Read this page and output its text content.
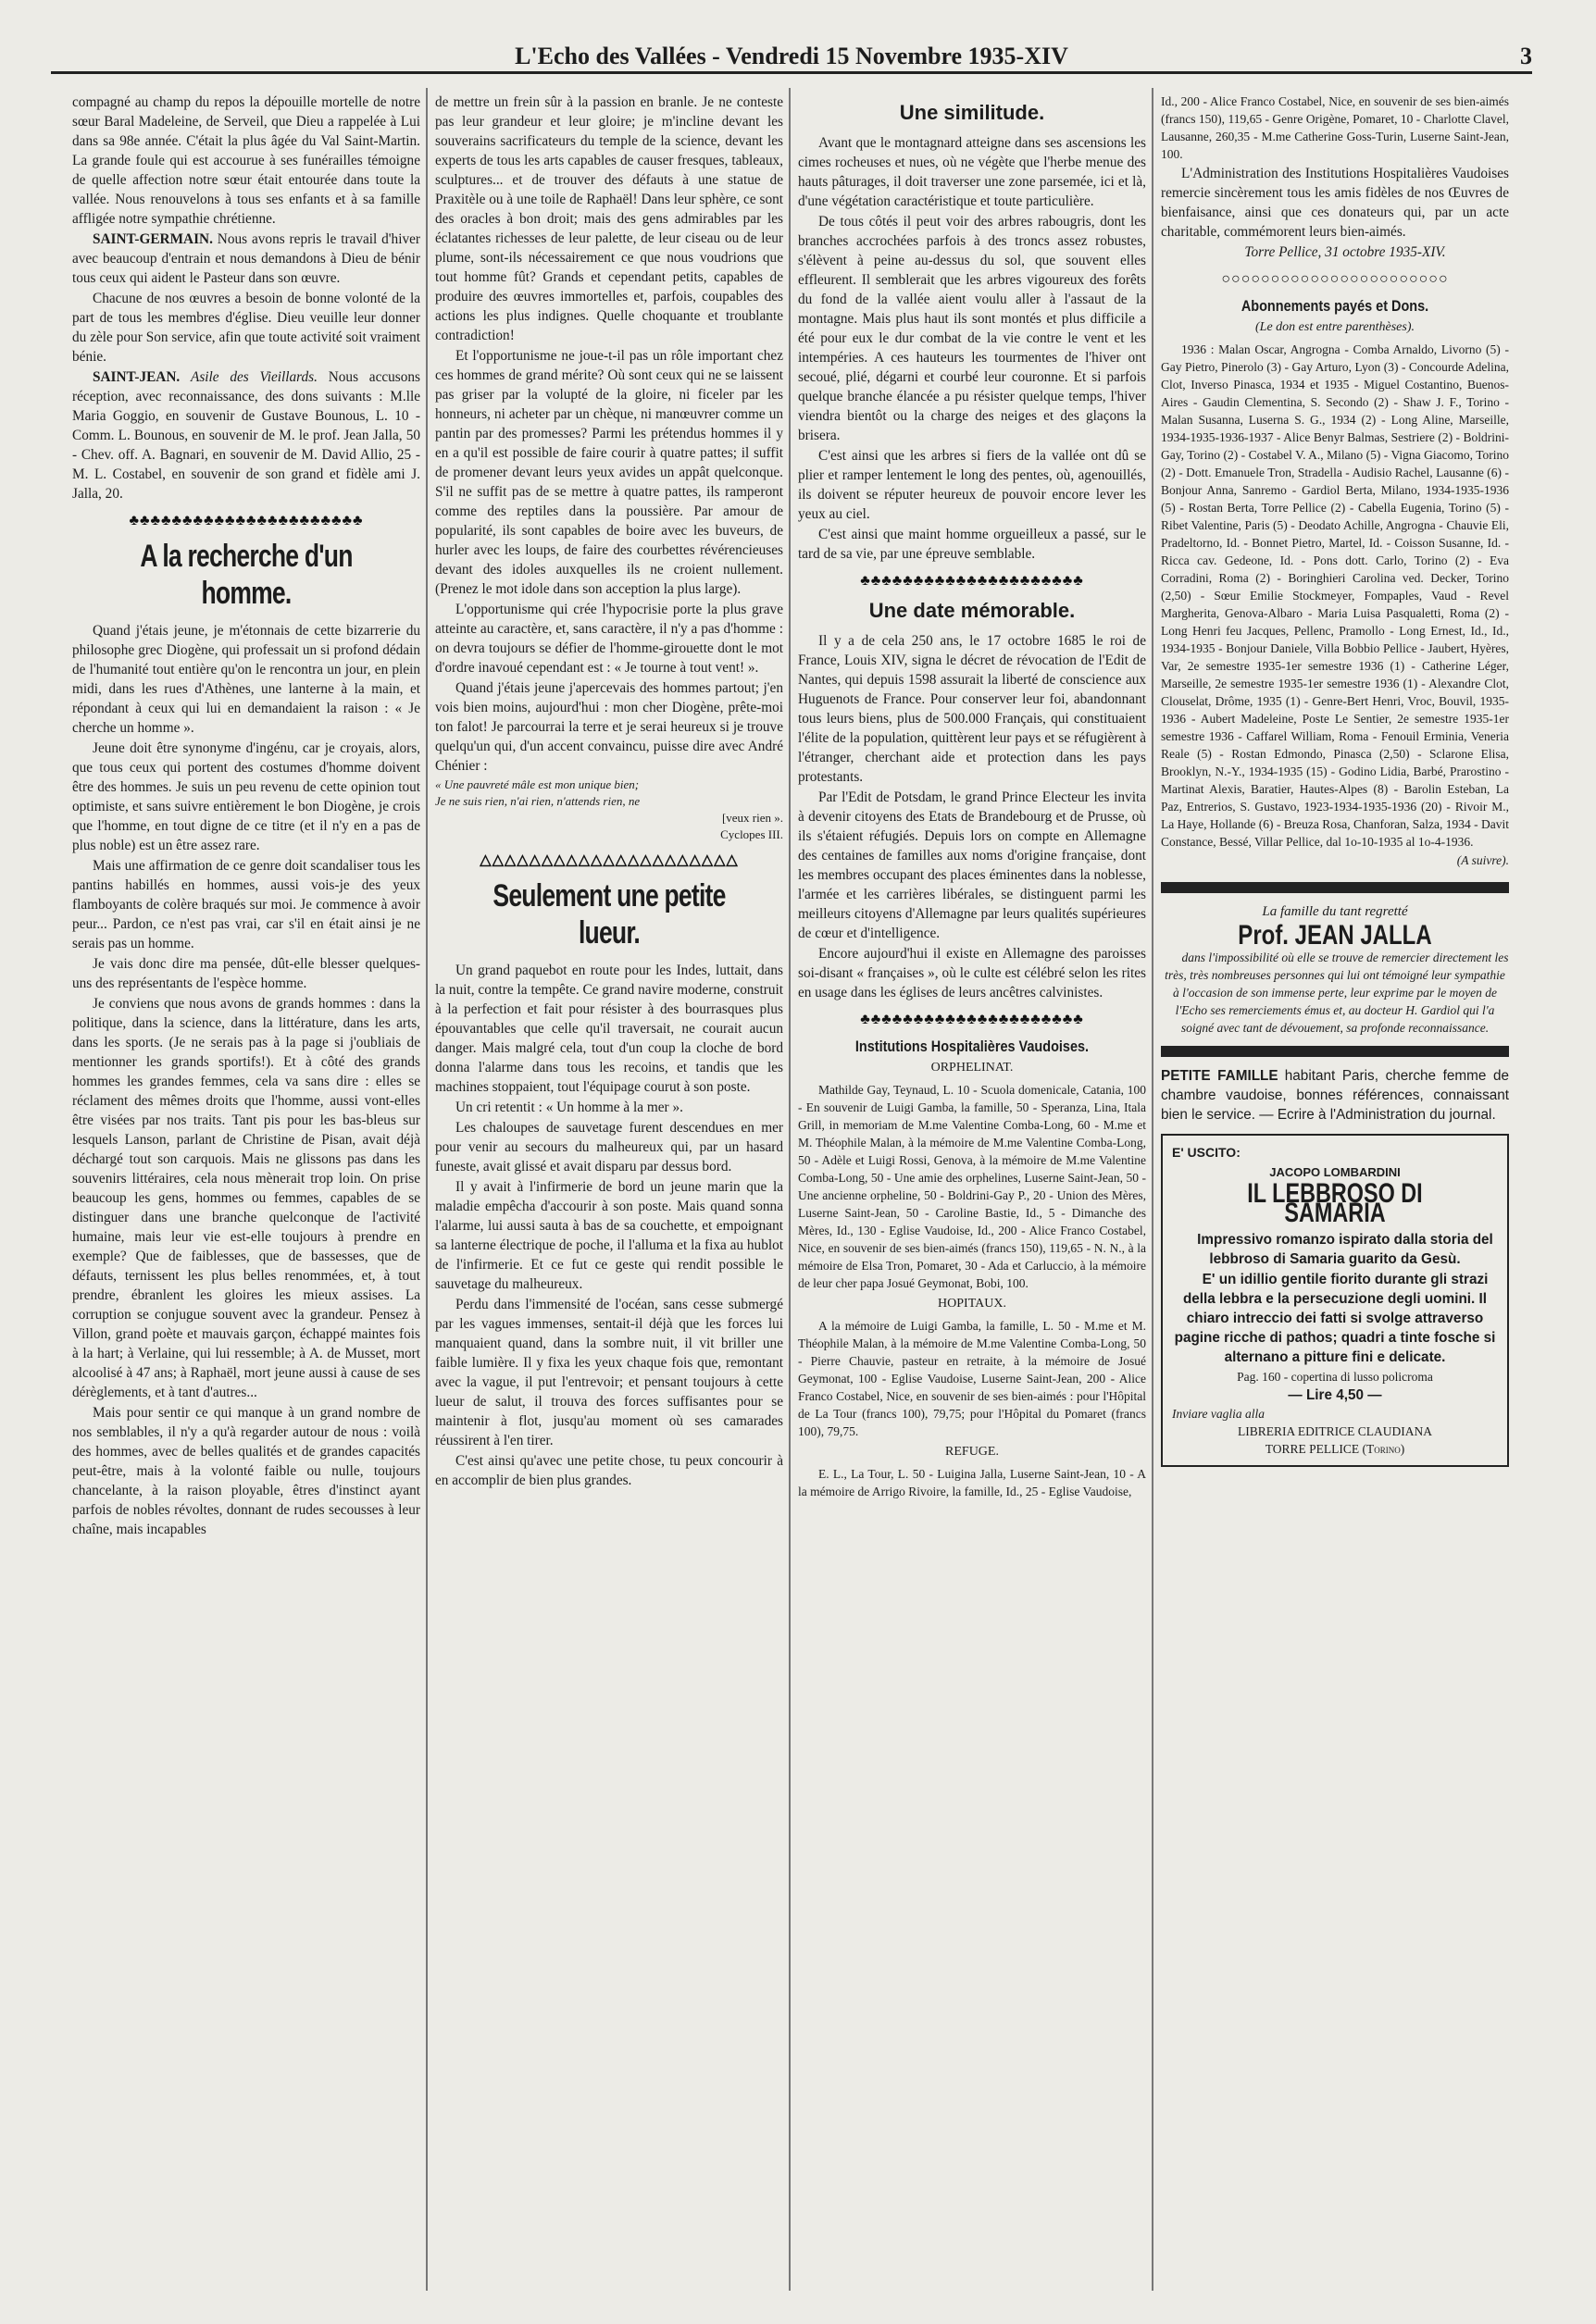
L'Echo des Vallées - Vendredi 15 Novembre 1935-XIV	3

compagné au champ du repos la dépouille mortelle de notre sœur Baral Madeleine, de Serveil, que Dieu a rappelée à Lui dans sa 98e année. C'était la plus âgée du Val Saint-Martin. La grande foule qui est accourue à ses funérailles témoigne de quelle affection notre sœur était entourée dans toute la vallée. Nous renouvelons à tous ses enfants et à sa famille affligée notre sympathie chrétienne.

SAINT-GERMAIN. Nous avons repris le travail d'hiver avec beaucoup d'entrain et nous demandons à Dieu de bénir tous ceux qui aident le Pasteur dans son œuvre.

Chacune de nos œuvres a besoin de bonne volonté de la part de tous les membres d'église. Dieu veuille leur donner du zèle pour Son service, afin que toute activité soit vraiment bénie.

SAINT-JEAN. Asile des Vieillards. Nous accusons réception, avec reconnaissance, des dons suivants : M.lle Maria Goggio, en souvenir de Gustave Bounous, L. 10 - Comm. L. Bounous, en souvenir de M. le prof. Jean Jalla, 50 - Chev. off. A. Bagnari, en souvenir de M. David Allio, 25 - M. L. Costabel, en souvenir de son grand et fidèle ami J. Jalla, 20.

♣♣♣♣♣♣♣♣♣♣♣♣♣♣♣♣♣♣♣♣♣♣
A la recherche d'un homme.

Quand j'étais jeune, je m'étonnais de cette bizarrerie du philosophe grec Diogène, qui professait un si profond dédain de l'humanité tout entière qu'on le rencontra un jour, en plein midi, dans les rues d'Athènes, une lanterne à la main, et répondant à ceux qui lui en demandaient la raison : « Je cherche un homme ».

Jeune doit être synonyme d'ingénu, car je croyais, alors, que tous ceux qui portent des costumes d'homme doivent être des hommes. Je suis un peu revenu de cette opinion tout optimiste, et sans suivre entièrement le bon Diogène, je crois que l'homme, en tout digne de ce titre (et il n'y en a pas de plus noble) est un être assez rare.

Mais une affirmation de ce genre doit scandaliser tous les pantins habillés en hommes, aussi vois-je des yeux flamboyants de colère braqués sur moi. Je commence à avoir peur... Pardon, ce n'est pas vrai, car s'il en était ainsi je ne serais pas un homme.

Je vais donc dire ma pensée, dût-elle blesser quelques-uns des représentants de l'espèce homme.

Je conviens que nous avons de grands hommes : dans la politique, dans la science, dans la littérature, dans les arts, dans les sports. (Je ne serais pas à la page si j'oubliais de mentionner les grands sportifs!). Et à côté des grands hommes les grandes femmes, cela va sans dire : elles se réclament des mêmes droits que l'homme, aussi vont-elles être visées par nos traits. Tant pis pour les bas-bleus sur lesquels Lanson, parlant de Christine de Pisan, avait déjà déchargé tout son carquois. Mais ne glissons pas dans les souvenirs littéraires, cela nous mènerait trop loin. On prise beaucoup les gens, hommes ou femmes, capables de se distinguer dans une branche quelconque de l'activité humaine, mais leur vie est-elle toujours à prendre en exemple? Que de faiblesses, que de bassesses, que de défauts, ternissent les plus belles renommées, et, à tout prendre, ébranlent les gloires les mieux assises. La corruption se conjugue souvent avec la grandeur. Pensez à Villon, grand poète et mauvais garçon, échappé maintes fois à la hart; à Verlaine, qui lui ressemble; à A. de Musset, mort alcoolisé à 47 ans; à Raphaël, mort jeune aussi à cause de ses dérèglements, et à tant d'autres...

Mais pour sentir ce qui manque à un grand nombre de nos semblables, il n'y a qu'à regarder autour de nous : voilà des hommes, avec de belles qualités et de grandes capacités peut-être, mais à la volonté faible ou nulle, toujours chancelante, à la raison ployable, êtres d'instinct ayant parfois de nobles révoltes, donnant de rudes secousses à leur chaîne, mais incapables

de mettre un frein sûr à la passion en branle. Je ne conteste pas leur grandeur et leur gloire; je m'incline devant les souverains sacrificateurs du temple de la science, devant les experts de tous les arts capables de causer fresques, tableaux, sculptures... et de trouver des défauts à une statue de Praxitèle ou à une toile de Raphaël! Dans leur sphère, ce sont des oracles à bon droit; mais des gens admirables par les éclatantes richesses de leur palette, de leur ciseau ou de leur plume, sont-ils nécessairement ce que nous voudrions que tout homme fût? Grands et cependant petits, capables de produire des œuvres immortelles et, parfois, coupables des actions les plus indignes. Quelle choquante et troublante contradiction!

Et l'opportunisme ne joue-t-il pas un rôle important chez ces hommes de grand mérite? Où sont ceux qui ne se laissent pas griser par la volupté de la gloire, ni ficeler par les honneurs, ni acheter par un chèque, ni manœuvrer comme un pantin par des promesses? Parmi les prétendus hommes il y en a qu'il est possible de faire courir à quatre pattes; il suffit de promener devant leurs yeux avides un appât quelconque. S'il ne suffit pas de se mettre à quatre pattes, ils ramperont comme des reptiles dans la poussière. Par amour de popularité, ils sont capables de boire avec les buveurs, de hurler avec les loups, de faire des courbettes révérencieuses devant des idoles auxquelles ils ne croient nullement. (Prenez le mot idole dans son acception la plus large).

L'opportunisme qui crée l'hypocrisie porte la plus grave atteinte au caractère, et, sans caractère, il n'y a pas d'homme : on devra toujours se défier de l'homme-girouette dont le mot d'ordre inavoué cependant est : « Je tourne à tout vent! ».

Quand j'étais jeune j'apercevais des hommes partout; j'en vois bien moins, aujourd'hui : mon cher Diogène, prête-moi ton falot! Je parcourrai la terre et je serai heureux si je trouve quelqu'un qui, d'un accent convaincu, puisse dire avec André Chénier :

« Une pauvreté mâle est mon unique bien;
Je ne suis rien, n'ai rien, n'attends rien, ne
[veux rien ».
Cyclopes III.
△△△△△△△△△△△△△△△△△△△△△
Seulement une petite lueur.

Un grand paquebot en route pour les Indes, luttait, dans la nuit, contre la tempête. Ce grand navire moderne, construit à la perfection et fait pour résister à des bourrasques plus épouvantables que celle qu'il traversait, ne courait aucun danger. Mais malgré cela, tout d'un coup la cloche de bord donna l'alarme dans tous les recoins, et tandis que les machines stoppaient, tout l'équipage courut à son poste.

Un cri retentit : « Un homme à la mer ».

Les chaloupes de sauvetage furent descendues en mer pour venir au secours du malheureux qui, par un hasard funeste, avait glissé et avait disparu par dessus bord.

Il y avait à l'infirmerie de bord un jeune marin que la maladie empêcha d'accourir à son poste. Mais quand sonna l'alarme, lui aussi sauta à bas de sa couchette, et empoignant sa lanterne électrique de poche, il l'alluma et la fixa au hublot de l'infirmerie. Et ce fut ce geste qui rendit possible le sauvetage du malheureux.

Perdu dans l'immensité de l'océan, sans cesse submergé par les vagues immenses, sentait-il déjà que les forces lui manquaient quand, dans la sombre nuit, il vit briller une faible lumière. Il y fixa les yeux chaque fois que, remontant avec la vague, il put l'entrevoir; et pensant toujours à cette lueur de salut, il trouva des forces suffisantes pour se maintenir à flot, jusqu'au moment où ses camarades réussirent à l'en tirer.

C'est ainsi qu'avec une petite chose, tu peux concourir à en accomplir de bien plus grandes.

Une similitude.

Avant que le montagnard atteigne dans ses ascensions les cimes rocheuses et nues, où ne végète que l'herbe menue des hauts pâturages, il doit traverser une zone parsemée, ici et là, d'une végétation caractéristique et toute particulière.

De tous côtés il peut voir des arbres rabougris, dont les branches accrochées parfois à des troncs assez robustes, s'élèvent à peine au-dessus du sol, que souvent elles effleurent. Il semblerait que les arbres vigoureux des forêts du fond de la vallée aient voulu aller à l'assaut de la montagne. Mais plus haut ils sont montés et plus difficile a été pour eux le dur combat de la vie contre le vent et les intempéries. A ces hauteurs les tourmentes de l'hiver ont secoué, plié, dégarni et courbé leur couronne. Et si parfois quelque branche élancée a pu résister quelque temps, l'hiver viendra bientôt ou la charge des neiges et des glaçons la brisera.

C'est ainsi que les arbres si fiers de la vallée ont dû se plier et ramper lentement le long des pentes, où, agenouillés, ils doivent se réputer heureux de pouvoir encore lever les yeux au ciel.

C'est ainsi que maint homme orgueilleux a passé, sur le tard de sa vie, par une épreuve semblable.

♣♣♣♣♣♣♣♣♣♣♣♣♣♣♣♣♣♣♣♣♣
Une date mémorable.

Il y a de cela 250 ans, le 17 octobre 1685 le roi de France, Louis XIV, signa le décret de révocation de l'Edit de Nantes, qui depuis 1598 assurait la liberté de conscience aux Huguenots de France. Pour conserver leur foi, abandonnant tous leurs biens, plus de 500.000 Français, qui constituaient l'élite de la population, quittèrent leur pays et se réfugièrent à l'étranger, cherchant aide et protection dans les pays protestants.

Par l'Edit de Potsdam, le grand Prince Electeur les invita à devenir citoyens des Etats de Brandebourg et de Prusse, où ils s'étaient réfugiés. Depuis lors on compte en Allemagne des centaines de familles aux noms d'origine française, dont les membres occupant des places éminentes dans la noblesse, l'armée et les carrières libérales, se distinguent parmi les meilleurs citoyens d'Allemagne par leurs qualités supérieures de cœur et d'intelligence.

Encore aujourd'hui il existe en Allemagne des paroisses soi-disant « françaises », où le culte est célébré selon les rites en usage dans les églises de leurs ancêtres calvinistes.

♣♣♣♣♣♣♣♣♣♣♣♣♣♣♣♣♣♣♣♣♣
Institutions Hospitalières Vaudoises.
ORPHELINAT.

Mathilde Gay, Teynaud, L. 10 - Scuola domenicale, Catania, 100 - En souvenir de Luigi Gamba, la famille, 50 - Speranza, Lina, Itala Grill, in memoriam de M.me Valentine Comba-Long, 60 - M.me et M. Théophile Malan, à la mémoire de M.me Valentine Comba-Long, 50 - Adèle et Luigi Rossi, Genova, à la mémoire de M.me Valentine Comba-Long, 50 - Une amie des orphelines, Luserne Saint-Jean, 50 - Une ancienne orpheline, 50 - Boldrini-Gay P., 20 - Union des Mères, Luserne Saint-Jean, 50 - Caroline Bastie, Id., 5 - Dimanche des Mères, Id., 130 - Eglise Vaudoise, Id., 200 - Alice Franco Costabel, Nice, en souvenir de ses bien-aimés (francs 150), 119,65 - N. N., à la mémoire de Elsa Tron, Pomaret, 30 - Ada et Carluccio, à la mémoire de leur cher papa Josué Geymonat, Bobi, 100.

HOPITAUX.

A la mémoire de Luigi Gamba, la famille, L. 50 - M.me et M. Théophile Malan, à la mémoire de M.me Valentine Comba-Long, 50 - Pierre Chauvie, pasteur en retraite, à la mémoire de Josué Geymonat, 100 - Eglise Vaudoise, Luserne Saint-Jean, 200 - Alice Franco Costabel, Nice, en souvenir de ses bien-aimés : pour l'Hôpital de La Tour (francs 100), 79,75; pour l'Hôpital du Pomaret (francs 100), 79,75.

REFUGE.

E. L., La Tour, L. 50 - Luigina Jalla, Luserne Saint-Jean, 10 - A la mémoire de Arrigo Rivoire, la famille, Id., 25 - Eglise Vaudoise,

Id., 200 - Alice Franco Costabel, Nice, en souvenir de ses bien-aimés (francs 150), 119,65 - Genre Origène, Pomaret, 10 - Charlotte Clavel, Lausanne, 260,35 - M.me Catherine Goss-Turin, Luserne Saint-Jean, 100.

L'Administration des Institutions Hospitalières Vaudoises remercie sincèrement tous les amis fidèles de nos Œuvres de bienfaisance, ainsi que ces donateurs qui, par un acte charitable, commémorent leurs bien-aimés.

Torre Pellice, 31 octobre 1935-XIV.

○○○○○○○○○○○○○○○○○○○○○○○
Abonnements payés et Dons.
(Le don est entre parenthèses).

1936 : Malan Oscar, Angrogna - Comba Arnaldo, Livorno (5) - Gay Pietro, Pinerolo (3) - Gay Arturo, Lyon (3) - Concourde Adelina, Clot, Inverso Pinasca, 1934 et 1935 - Miguel Costantino, Buenos-Aires - Gaudin Clementina, S. Secondo (2) - Shaw J. F., Torino - Malan Susanna, Luserna S. G., 1934 (2) - Long Aline, Marseille, 1934-1935-1936-1937 - Alice Benyr Balmas, Sestriere (2) - Boldrini-Gay, Torino (2) - Costabel V. A., Milano (5) - Vigna Giacomo, Torino (2) - Dott. Emanuele Tron, Stradella - Audisio Rachel, Lausanne (6) - Bonjour Anna, Sanremo - Gardiol Berta, Milano, 1934-1935-1936 (5) - Rostan Berta, Torre Pellice (2) - Cabella Eugenia, Torino (5) - Ribet Valentine, Paris (5) - Deodato Achille, Angrogna - Chauvie Eli, Pradeltorno, Id. - Bonnet Pietro, Martel, Id. - Coisson Susanne, Id. - Ricca cav. Gedeone, Id. - Pons dott. Carlo, Torino (2) - Eva Corradini, Roma (2) - Boringhieri Carolina ved. Decker, Torino (2,50) - Sœur Emilie Stockmeyer, Fompaples, Vaud - Revel Margherita, Genova-Albaro - Maria Luisa Pasqualetti, Roma (2) - Long Henri feu Jacques, Pellenc, Pramollo - Long Ernest, Id., Id., 1934-1935 - Bonjour Daniele, Villa Bobbio Pellice - Jaubert, Hyères, Var, 2e semestre 1935-1er semestre 1936 (1) - Catherine Léger, Marseille, 2e semestre 1935-1er semestre 1936 (1) - Alexandre Clot, Clouselat, Drôme, 1935 (1) - Genre-Bert Henri, Vroc, Bouvil, 1935-1936 - Aubert Madeleine, Poste Le Sentier, 2e semestre 1935-1er semestre 1936 - Caffarel William, Roma - Fenouil Erminia, Veneria Reale (5) - Rostan Edmondo, Pinasca (2,50) - Sclarone Elisa, Brooklyn, N.-Y., 1934-1935 (15) - Godino Lidia, Barbé, Prarostino - Martinat Alexis, Baratier, Hautes-Alpes (8) - Barolin Esteban, La Paz, Entrerios, S. Gustavo, 1923-1934-1935-1936 (20) - Rivoir M., La Haye, Hollande (6) - Breuza Rosa, Chanforan, Salza, 1934 - Davit Constance, Bessé, Villar Pellice, dal 1o-10-1935 al 1o-4-1936.

(A suivre).

La famille du tant regretté
Prof. JEAN JALLA

dans l'impossibilité où elle se trouve de remercier directement les très, très nombreuses personnes qui lui ont témoigné leur sympathie à l'occasion de son immense perte, leur exprime par le moyen de l'Echo ses remerciements émus et, au docteur H. Gardiol qui l'a soigné avec tant de dévouement, sa profonde reconnaissance.

PETITE FAMILLE habitant Paris, cherche femme de chambre vaudoise, bonnes références, connaissant bien le service. — Ecrire à l'Administration du journal.

E' USCITO:
JACOPO LOMBARDINI
IL LEBBROSO DI SAMARIA

Impressivo romanzo ispirato dalla storia del lebbroso di Samaria guarito da Gesù.

E' un idillio gentile fiorito durante gli strazi della lebbra e la persecuzione degli uomini. Il chiaro intreccio dei fatti si svolge attraverso pagine ricche di pathos; quadri a tinte fosche si alternano a pitture fini e delicate.

Pag. 160 - copertina di lusso policroma
— Lire 4,50 —
Inviare vaglia alla
LIBRERIA EDITRICE CLAUDIANA
TORRE PELLICE (Torino)
